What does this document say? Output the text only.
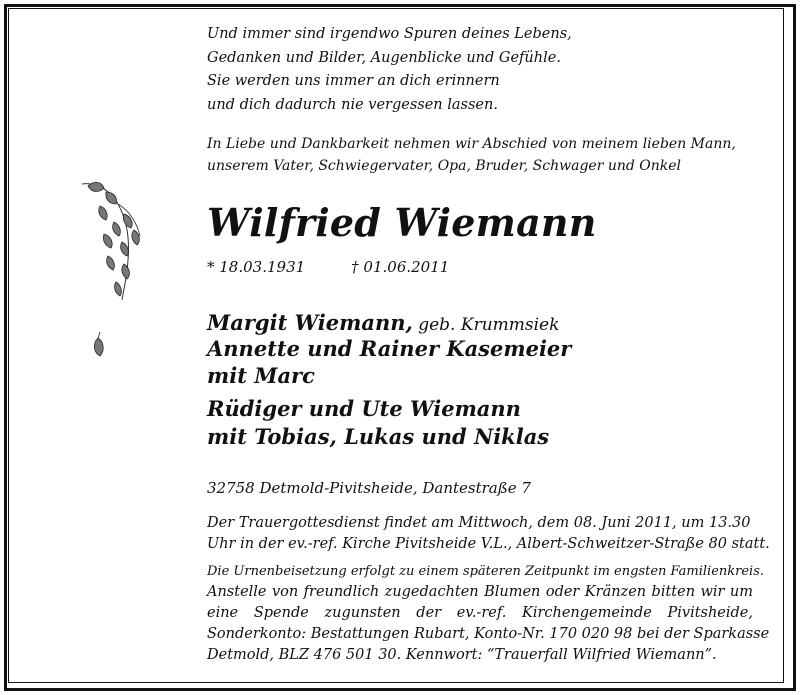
Und immer sind irgendwo Spuren deines Lebens,
Gedanken und Bilder, Augenblicke und Gefühle.
Sie werden uns immer an dich erinnern
und dich dadurch nie vergessen lassen.
In Liebe und Dankbarkeit nehmen wir Abschied von meinem lieben Mann,
unserem Vater, Schwiegervater, Opa, Bruder, Schwager und Onkel
Wilfried Wiemann
* 18.03.1931	† 01.06.2011
Margit Wiemann, geb. Krummsiek
Annette und Rainer Kasemeier
mit Marc
Rüdiger und Ute Wiemann
mit Tobias, Lukas und Niklas
32758 Detmold-Pivitsheide, Dantestraße 7
Der Trauergottesdienst findet am Mittwoch, dem 08. Juni 2011, um 13.30
Uhr in der ev.-ref. Kirche Pivitsheide V.L., Albert-Schweitzer-Straße 80 statt.
Die Urnenbeisetzung erfolgt zu einem späteren Zeitpunkt im engsten Familienkreis.
Anstelle von freundlich zugedachten Blumen oder Kränzen bitten wir um
eine Spende zugunsten der ev.-ref. Kirchengemeinde Pivitsheide,
Sonderkonto: Bestattungen Rubart, Konto-Nr. 170 020 98 bei der Sparkasse
Detmold, BLZ 476 501 30. Kennwort: “Trauerfall Wilfried Wiemann”.
